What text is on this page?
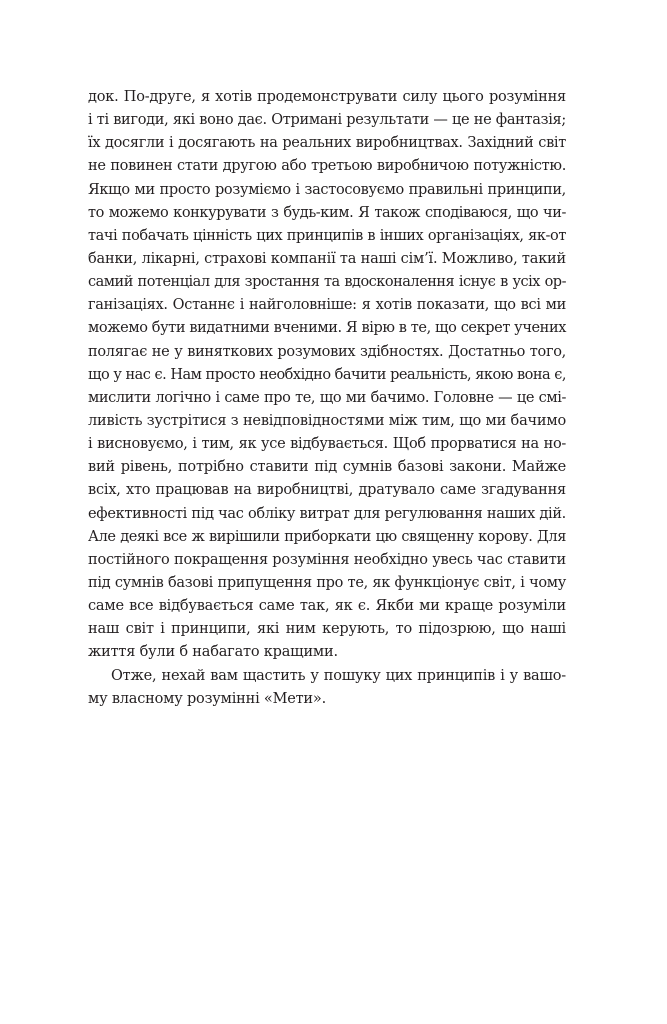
док. По-друге, я хотів продемонструвати силу цього розуміння
і ті вигоди, які воно дає. Отримані результати — це не фантазія;
їх досягли і досягають на реальних виробництвах. Західний світ
не повинен стати другою або третьою виробничою потужністю.
Якщо ми просто розуміємо і застосовуємо правильні принципи,
то можемо конкурувати з будь-ким. Я також сподіваюся, що чи-
тачі побачать цінність цих принципів в інших організаціях, як-от
банки, лікарні, страхові компанії та наші сім’ї. Можливо, такий
самий потенціал для зростання та вдосконалення існує в усіх ор-
ганізаціях. Останнє і найголовніше: я хотів показати, що всі ми
можемо бути видатними вченими. Я вірю в те, що секрет учених
полягає не у виняткових розумових здібностях. Достатньо того,
що у нас є. Нам просто необхідно бачити реальність, якою вона є,
мислити логічно і саме про те, що ми бачимо. Головне — це смі-
ливість зустрітися з невідповідностями між тим, що ми бачимо
і висновуємо, і тим, як усе відбувається. Щоб прорватися на но-
вий рівень, потрібно ставити під сумнів базові закони. Майже
всіх, хто працював на виробництві, дратувало саме згадування
ефективності під час обліку витрат для регулювання наших дій.
Але деякі все ж вирішили приборкати цю священну корову. Для
постійного покращення розуміння необхідно увесь час ставити
під сумнів базові припущення про те, як функціонує світ, і чому
саме все відбувається саме так, як є. Якби ми краще розуміли
наш світ і принципи, які ним керують, то підозрюю, що наші
життя були б набагато кращими.
Отже, нехай вам щастить у пошуку цих принципів і у вашо-
му власному розумінні «Мети».
